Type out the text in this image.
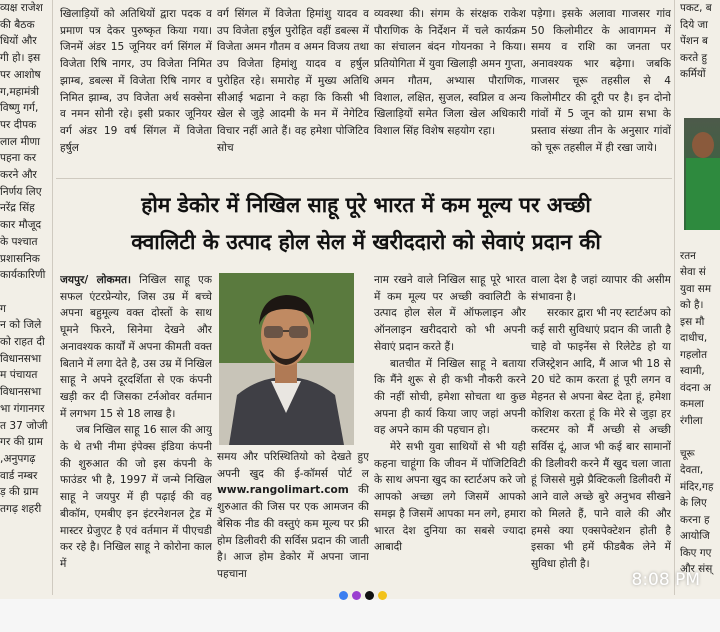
व्यक्ष राजेश
की बैठक
धियों और
गी हो। इस
पर आशोष
ग,महामंत्री
विष्णु गर्ग,
पर दीपक
लाल मीणा
पहना कर
करने और
निर्णय लिए
नरेंद्र सिंह
कार मौजूद
के पश्चात
प्रशासनिक
कार्यकारिणी

ग
न को जिले
को राहत दी
विधानसभा
म पंचायत
विधानसभा
भा गंगानगर
त 37 जोजी
गर की ग्राम
,अनुपगढ़
वार्ड नम्बर
ड़ की ग्राम
तगढ़ शहरी

खिलाड़ियों को अतिथियों द्वारा पदक व प्रमाण पत्र देकर पुरुष्कृत किया गया। जिनमें अंडर 15 जूनियर वर्ग सिंगल में विजेता रिषि नागर, उप विजेता निमित झाम्ब, डबल्स में विजेता रिषि नागर व निमित झाम्ब, उप विजेता अर्थ सक्सेना व नमन सोनी रहे। इसी प्रकार जूनियर वर्ग अंडर 19 वर्ष सिंगल में विजेता हर्षुल

वर्ग सिंगल में विजेता हिमांशु यादव व उप विजेता हर्षुल पुरोहित वहीं डबल्स में विजेता अमन गौतम व अमन विजय तथा उप विजेता हिमांशु यादव व हर्षुल पुरोहित रहे। समारोह में मुख्य अतिथि सीआई भढाना ने कहा कि किसी भी खेल से जुड़े आदमी के मन में नेगेटिव विचार नहीं आते हैं। वह हमेशा पोजिटिव सोच

व्यवस्था की। संगम के संरक्षक राकेश पौराणिक के निर्देशन में चले कार्यक्रम का संचालन बंदन गोयनका ने किया। प्रतियोगिता में युवा खिलाड़ी अमन गुप्ता, अमन गौतम, अभ्यास पौराणिक, विशाल, लक्षित, सुजल, स्वप्निल व अन्य खिलाड़ियों समेत जिला खेल अधिकारी विशाल सिंह विशेष सहयोग रहा।

पड़ेगा। इसके अलावा गाजसर गांव 50 किलोमीटर के आवागमन में समय व राशि का जनता पर अनावश्यक भार बढ़ेगा। जबकि गाजसर चूरू तहसील से 4 किलोमीटर की दूरी पर है। इन दोनो गांवों में 5 जून को ग्राम सभा के प्रस्ताव संख्या तीन के अनुसार गांवों को चूरू तहसील में ही रखा जाये।

होम डेकोर में निखिल साहू पूरे भारत में कम मूल्य पर अच्छी
क्वालिटी के उत्पाद होल सेल में खरीददारो को सेवाएं प्रदान की

जयपुर/ लोकमत। निखिल साहू एक सफल एंटरप्रेन्योर, जिस उम्र में बच्चे अपना बहुमूल्य वक्त दोस्तों के साथ घूमने फिरने, सिनेमा देखने और अनावश्यक कार्यों में अपना कीमती वक्त बिताने में लगा देते है, उस उम्र में निखिल साहू ने अपने दूरदर्शिता से एक कंपनी खड़ी कर दी जिसका टर्नओवर वर्तमान में लगभग 15 से 18 लाख है।

जब निखिल साहू 16 साल की आयु के थे तभी नीमा इंपेक्स इंडिया कंपनी की शुरुआत की जो इस कंपनी के फाउंडर भी है, 1997 में जन्मे निखिल साहू ने जयपुर में ही पढ़ाई की वह बीकॉम, एमबीए इन इंटरनेशनल ट्रेड में मास्टर ग्रेजुएट है एवं वर्तमान में पीएचडी कर रहे है। निखिल साहू ने कोरोना काल में

समय और परिस्थितियो को देखते हुए अपनी खुद की ई-कॉमर्स पोर्ट ल www.rangolimart.com की शुरुआत की जिस पर एक आमजन की बेसिक नीड की वस्तुएं कम मूल्य पर फ्री होम डिलीवरी की सर्विस प्रदान की जाती है। आज होम डेकोर में अपना जाना पहचाना

नाम रखने वाले निखिल साहू पूरे भारत में कम मूल्य पर अच्छी क्वालिटी के उत्पाद होल सेल में ऑफलाइन और ऑनलाइन खरीददारो को भी अपनी सेवाएं प्रदान करते हैं।

बातचीत में निखिल साहू ने बताया कि मैंने शुरू से ही कभी नौकरी करने की नहीं सोची, हमेशा सोचता था कुछ अपना ही कार्य किया जाए जहां अपनी वह अपने काम की पहचान हो।

मेरे सभी युवा साथियों से भी यही कहना चाहूंगा कि जीवन में पॉजिटिविटी के साथ अपना खुद का स्टार्टअप करे जो आपको अच्छा लगे जिसमें आपको समझ है जिसमें आपका मन लगे, हमारा भारत देश दुनिया का सबसे ज्यादा आबादी

वाला देश है जहां व्यापार की असीम संभावना है।

सरकार द्वारा भी नए स्टार्टअप को कई सारी सुविधाएं प्रदान की जाती है चाहे वो फाइनेंस से रिलेटेड हो या रजिस्ट्रेशन आदि, मैं आज भी 18 से 20 घंटे काम करता हूं पूरी लगन व मेहनत से अपना बेस्ट देता हूं, हमेशा कोशिश करता हूं कि मेरे से जुड़ा हर कस्टमर को मैं अच्छी से अच्छी सर्विस दूं, आज भी कई बार सामानों की डिलीवरी करने मैं खुद चला जाता हूं जिससे मुझे प्रैक्टिकली डिलीवरी में आने वाले अच्छे बुरे अनुभव सीखने को मिलते हैं, पाने वाले की और हमसे क्या एक्सपेक्टेशन होती है इसका भी हमें फीडबैक लेने में सुविधा होती है।

पकट, ब
दिये जा
पेंशन ब
करते हु
कर्मियों

रतन
सेवा सं
युवा सम
को है।
इस मौ
दाधीच,
गहलोत
स्वामी,
वंदना अ
कमला
रंगीला

चूरू
देवता,
मंदिर,गह
के लिए
करना ह
आयोजि
किए गए
और संस्
8:08 PM
